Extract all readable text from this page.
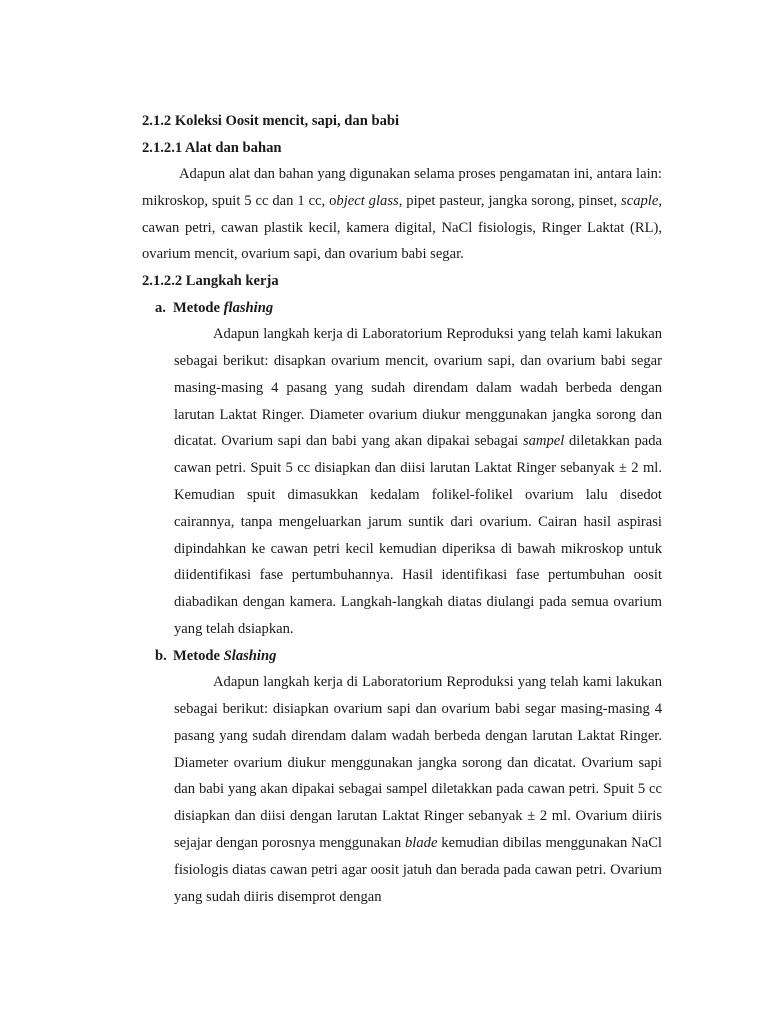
2.1.2 Koleksi Oosit mencit, sapi, dan babi

2.1.2.1 Alat dan bahan

Adapun alat dan bahan yang digunakan selama proses pengamatan ini, antara lain: mikroskop, spuit 5 cc dan 1 cc, object glass, pipet pasteur, jangka sorong, pinset, scaple, cawan petri, cawan plastik kecil, kamera digital, NaCl fisiologis, Ringer Laktat (RL), ovarium mencit, ovarium sapi, dan ovarium babi segar.

2.1.2.2 Langkah kerja

a. Metode flashing

Adapun langkah kerja di Laboratorium Reproduksi yang telah kami lakukan sebagai berikut: disapkan ovarium mencit, ovarium sapi, dan ovarium babi segar masing-masing 4 pasang yang sudah direndam dalam wadah berbeda dengan larutan Laktat Ringer. Diameter ovarium diukur menggunakan jangka sorong dan dicatat. Ovarium sapi dan babi yang akan dipakai sebagai sampel diletakkan pada cawan petri. Spuit 5 cc disiapkan dan diisi larutan Laktat Ringer sebanyak ± 2 ml. Kemudian spuit dimasukkan kedalam folikel-folikel ovarium lalu disedot cairannya, tanpa mengeluarkan jarum suntik dari ovarium. Cairan hasil aspirasi dipindahkan ke cawan petri kecil kemudian diperiksa di bawah mikroskop untuk diidentifikasi fase pertumbuhannya. Hasil identifikasi fase pertumbuhan oosit diabadikan dengan kamera. Langkah-langkah diatas diulangi pada semua ovarium yang telah dsiapkan.

b. Metode Slashing

Adapun langkah kerja di Laboratorium Reproduksi yang telah kami lakukan sebagai berikut: disiapkan ovarium sapi dan ovarium babi segar masing-masing 4 pasang yang sudah direndam dalam wadah berbeda dengan larutan Laktat Ringer. Diameter ovarium diukur menggunakan jangka sorong dan dicatat. Ovarium sapi dan babi yang akan dipakai sebagai sampel diletakkan pada cawan petri. Spuit 5 cc disiapkan dan diisi dengan larutan Laktat Ringer sebanyak ± 2 ml. Ovarium diiris sejajar dengan porosnya menggunakan blade kemudian dibilas menggunakan NaCl fisiologis diatas cawan petri agar oosit jatuh dan berada pada cawan petri. Ovarium yang sudah diiris disemprot dengan
